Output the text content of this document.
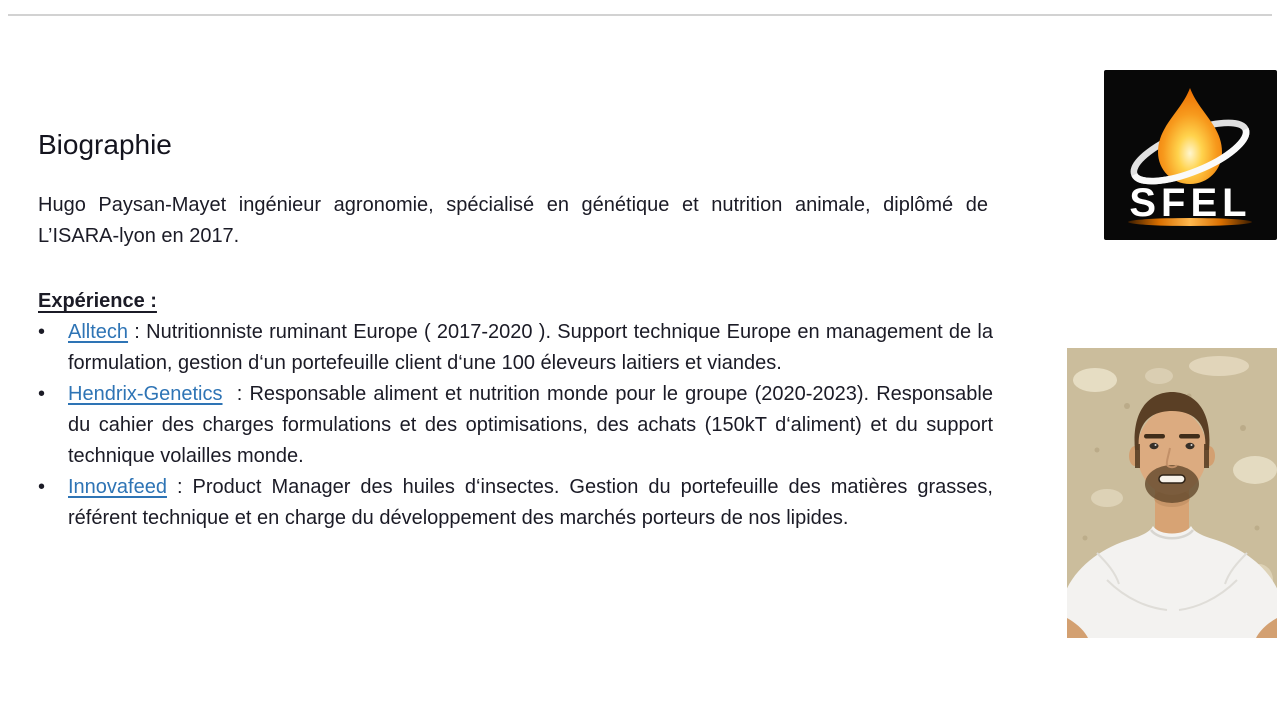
Biographie

Hugo Paysan-Mayet ingénieur agronomie, spécialisé en génétique et nutrition animale, diplômé de L’ISARA-lyon en 2017.

Expérience :
•	Alltech : Nutritionniste ruminant Europe ( 2017-2020 ). Support technique Europe en management de la formulation, gestion d‘un portefeuille client d‘une 100 éleveurs laitiers et viandes.

•	Hendrix-Genetics  : Responsable aliment et nutrition monde pour le groupe (2020-2023). Responsable du cahier des charges formulations et des optimisations, des achats (150kT d‘aliment) et du support technique volailles monde.

•	Innovafeed : Product Manager des huiles d‘insectes. Gestion du portefeuille des matières grasses, référent technique et en charge du développement des marchés porteurs de nos lipides.

SFEL
